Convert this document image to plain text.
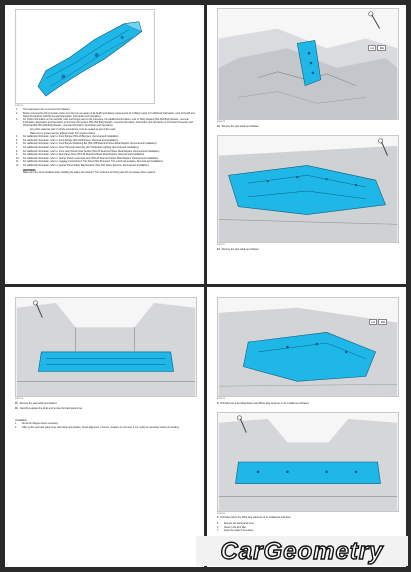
E309975
1.	The head panel inner is removed as indicated.
2.	Before commencing this procedure make sure that you are aware of all Health and Safety requirements for Collision repair. For additional information, refer to Health and Safety Precautions (100-00 General Information, Description and Operation).
3.	For further information on the methods, tools and fixings used in this procedure. For additional information, refer to: Body Repairs (501-25A Body Repairs - General Information, Description and Operation) or Corrosion Prevention (501-25A Body Repairs - General Information, Description and Operation) or Corrosion Prevention and Workmanship (501-25A Body Repairs - General Information, Description and Operation).
Any joints sealed as part of vehicle manufacture must be sealed as part of the repair.
Make sure to protect and dry adjacent body from metal surfaces.
4.	For additional information, refer to: Front Bumper (501-19 Bumpers, Removal and Installation).
5.	For additional information, refer to: Front Airbags (501-19 Bumpers, Removal and Installation).
6.	For additional information, refer to: Front Bumper Retaining Bar (501-25B Rear End Sheet Metal Repairs, Removal and Installation).
7.	For additional information, refer to: Outer Tail Lamp Assembly (417-01 Exterior Lighting, Removal and Installation).
8.	For additional information, refer to: Front Lamp Panel Outer Section (501-25 Rear End Sheet Metal Repairs, Removal and Installation).
9.	For additional information, refer to: Rear Panel Outer (501-25 Rear End Sheet Metal Repairs, Removal and Installation).
10.	For additional information, refer to: Quarter Panel Lower Extension (501-25 Rear End Sheet Metal Repairs, Removal and Installation).
11.	For additional information, refer to: Luggage Compartment Trim Panel (501-05 Interior Trim and Ornamentation, Removal and Installation).
12.	For additional information, refer to: Quarter Panel Safety Belt Retractor (501-20A Safety Systems, Removal and Installation).
WARNING:
Make sure any tool is installed when installing the safety belt retractor. The retractors and fixing and will not release when required.
LH	RH
E309976
13. Remove the spot welds as indicated.
E309977
14. Remove the spot welds as indicated.
E309978
15. Remove the seal welds as indicated.
16. Carefully separate the joints and remove the back panel inner.
Installation
1.	Dress the flanges where necessary.
2.	Offer up the new back panel inner and clamp into position. Check alignment, if correct, measure to next step, if not, rectify as necessary before proceeding.
LH	RH
E309979
3. Drill holes as to the Metal Active Gas (MAG) plug welds are to be installed as indicated.
E309980
4. Drill holes where the MAG plug welds are to be installed as indicated.
5.	Remove the back panel inner.
6.	Clean in the joint filler.
7.	Apply the sealer if necessary.
CarGeometry
